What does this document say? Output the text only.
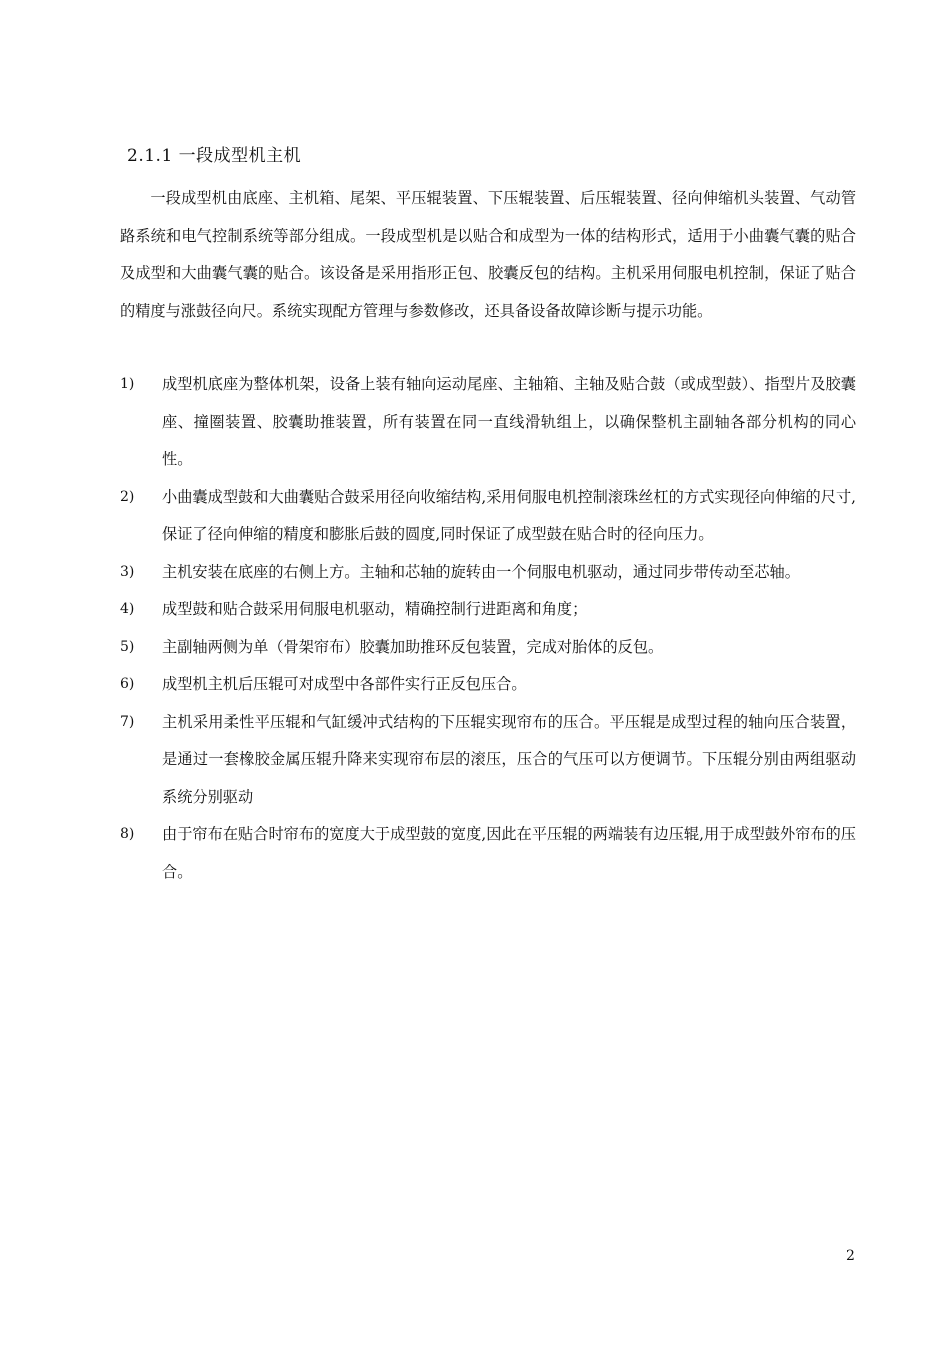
2.1.1 一段成型机主机

一段成型机由底座、主机箱、尾架、平压辊装置、下压辊装置、后压辊装置、径向伸缩机头装置、气动管路系统和电气控制系统等部分组成。一段成型机是以贴合和成型为一体的结构形式，适用于小曲囊气囊的贴合及成型和大曲囊气囊的贴合。该设备是采用指形正包、胶囊反包的结构。主机采用伺服电机控制，保证了贴合的精度与涨鼓径向尺。系统实现配方管理与参数修改，还具备设备故障诊断与提示功能。

1)	成型机底座为整体机架，设备上装有轴向运动尾座、主轴箱、主轴及贴合鼓（或成型鼓）、指型片及胶囊座、撞圈装置、胶囊助推装置，所有装置在同一直线滑轨组上，以确保整机主副轴各部分机构的同心性。
2)	小曲囊成型鼓和大曲囊贴合鼓采用径向收缩结构,采用伺服电机控制滚珠丝杠的方式实现径向伸缩的尺寸,保证了径向伸缩的精度和膨胀后鼓的圆度,同时保证了成型鼓在贴合时的径向压力。
3)	主机安装在底座的右侧上方。主轴和芯轴的旋转由一个伺服电机驱动，通过同步带传动至芯轴。
4)	成型鼓和贴合鼓采用伺服电机驱动，精确控制行进距离和角度；
5)	主副轴两侧为单（骨架帘布）胶囊加助推环反包装置，完成对胎体的反包。
6)	成型机主机后压辊可对成型中各部件实行正反包压合。
7)	主机采用柔性平压辊和气缸缓冲式结构的下压辊实现帘布的压合。平压辊是成型过程的轴向压合装置，是通过一套橡胶金属压辊升降来实现帘布层的滚压，压合的气压可以方便调节。下压辊分别由两组驱动系统分别驱动
8)	由于帘布在贴合时帘布的宽度大于成型鼓的宽度,因此在平压辊的两端装有边压辊,用于成型鼓外帘布的压合。
2
